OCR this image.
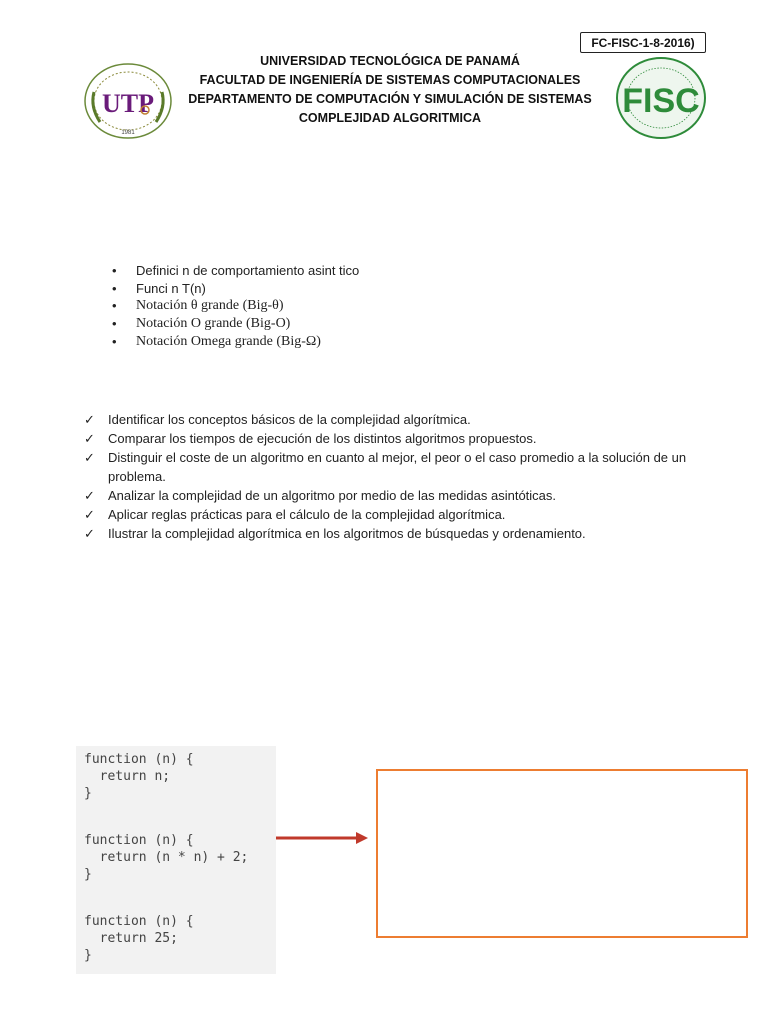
FC-FISC-1-8-2016)
UNIVERSIDAD TECNOLÓGICA DE PANAMÁ
FACULTAD DE INGENIERÍA DE SISTEMAS COMPUTACIONALES
DEPARTAMENTO DE COMPUTACIÓN Y SIMULACIÓN DE SISTEMAS
COMPLEJIDAD ALGORITMICA
UTP
1981
FISC
• Definici n de comportamiento asint tico
• Funci n T(n)
• Notación θ grande (Big-θ)
• Notación O grande (Big-O)
• Notación Omega grande (Big-Ω)
✓ Identificar los conceptos básicos de la complejidad algorítmica.
✓ Comparar los tiempos de ejecución de los distintos algoritmos propuestos.
✓ Distinguir el coste de un algoritmo en cuanto al mejor, el peor o el caso promedio a la solución de un problema.
✓ Analizar la complejidad de un algoritmo por medio de las medidas asintóticas.
✓ Aplicar reglas prácticas para el cálculo de la complejidad algorítmica.
✓ Ilustrar la complejidad algorítmica en los algoritmos de búsquedas y ordenamiento.
function (n) {
return n;
}
function (n) {
return (n * n) + 2;
}
function (n) {
return 25;
}
